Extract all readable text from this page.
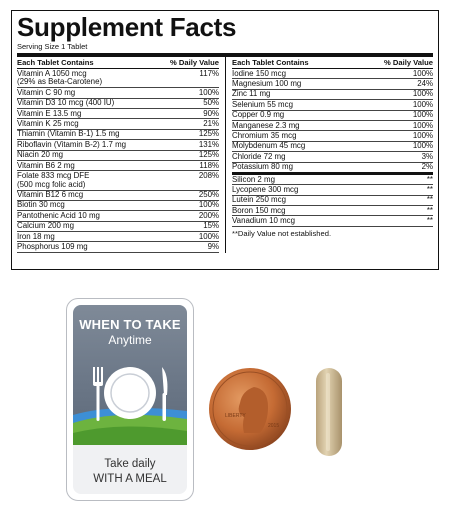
Supplement Facts
Serving Size 1 Tablet
Each Tablet Contains	% Daily Value
Vitamin A 1050 mcg
(29% as Beta-Carotene)
117%
Vitamin C 90 mg	100%
Vitamin D3 10 mcg (400 IU)	50%
Vitamin E 13.5 mg	90%
Vitamin K 25 mcg	21%
Thiamin (Vitamin B-1) 1.5 mg	125%
Riboflavin (Vitamin B-2) 1.7 mg	131%
Niacin 20 mg	125%
Vitamin B6 2 mg	118%
Folate 833 mcg DFE
(500 mcg folic acid)
208%
Vitamin B12 6 mcg	250%
Biotin 30 mcg	100%
Pantothenic Acid 10 mg	200%
Calcium 200 mg	15%
Iron 18 mg	100%
Phosphorus 109 mg	9%
Each Tablet Contains	% Daily Value
Iodine 150 mcg	100%
Magnesium 100 mg	24%
Zinc 11 mg	100%
Selenium 55 mcg	100%
Copper 0.9 mg	100%
Manganese 2.3 mg	100%
Chromium 35 mcg	100%
Molybdenum 45 mcg	100%
Chloride 72 mg	3%
Potassium 80 mg	2%
Silicon 2 mg	**
Lycopene 300 mcg	**
Lutein 250 mcg	**
Boron 150 mcg	**
Vanadium 10 mcg	**
**Daily Value not established.
WHEN TO TAKE
Anytime
Take daily
WITH A MEAL
LIBERTY
2015
